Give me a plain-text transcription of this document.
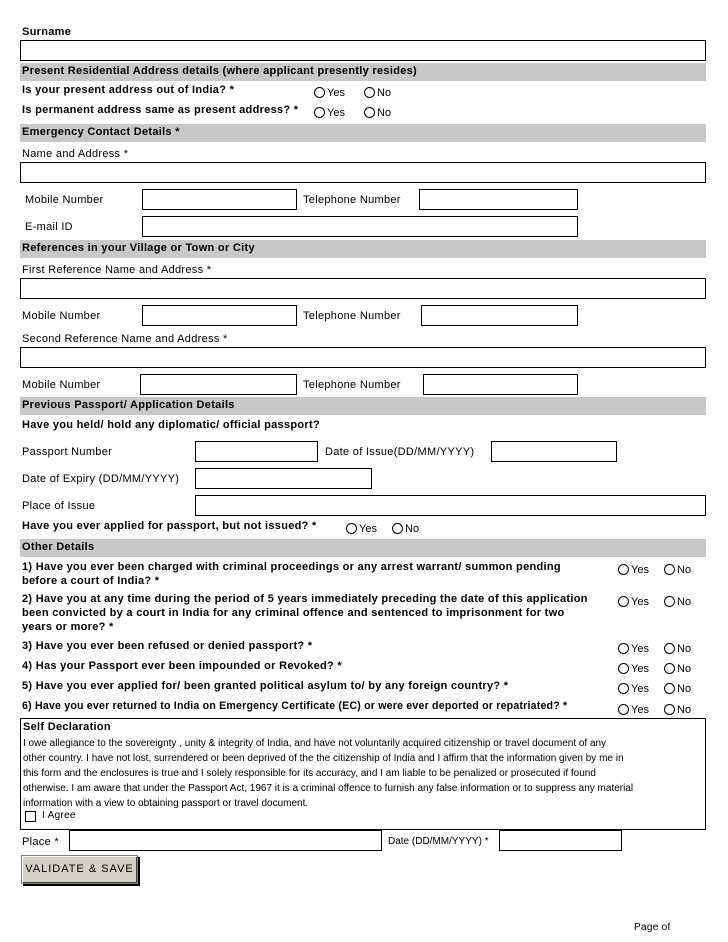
Surname
Present Residential Address details (where applicant presently resides)
Is your present address out of India? *	Yes	No
Is permanent address same as present address? *	Yes	No
Emergency Contact Details *
Name and Address *
Mobile Number	Telephone Number
E-mail ID
References in your Village or Town or City
First Reference Name and Address *
Mobile Number	Telephone Number
Second Reference Name and Address *
Mobile Number	Telephone Number
Previous Passport/ Application Details
Have you held/ hold any diplomatic/ official passport?
Passport Number	Date of Issue(DD/MM/YYYY)
Date of Expiry (DD/MM/YYYY)
Place of Issue
Have you ever applied for passport, but not issued? *	Yes	No
Other Details
1) Have you ever been charged with criminal proceedings or any arrest warrant/ summon pending
before a court of India? *
Yes	No
2) Have you at any time during the period of 5 years immediately preceding the date of this application
been convicted by a court in India for any criminal offence and sentenced to imprisonment for two
years or more? *
Yes	No
3) Have you ever been refused or denied passport? *	Yes	No
4) Has your Passport ever been impounded or Revoked? *	Yes	No
5) Have you ever applied for/ been granted political asylum to/ by any foreign country? *	Yes	No
6) Have you ever returned to India on Emergency Certificate (EC) or were ever deported or repatriated? *	Yes	No
Self Declaration
I owe allegiance to the sovereignty , unity & integrity of India, and have not voluntarily acquired citizenship or travel document of any
other country. I have not lost, surrendered or been deprived of the the citizenship of India and I affirm that the information given by me in
this form and the enclosures is true and I solely responsible for its accuracy, and I am liable to be penalized or prosecuted if found
otherwise. I am aware that under the Passport Act, 1967 it is a criminal offence to furnish any false information or to suppress any material
information with a view to obtaining passport or travel document.
I Agree
Place *	Date (DD/MM/YYYY) *
VALIDATE & SAVE
Page of
